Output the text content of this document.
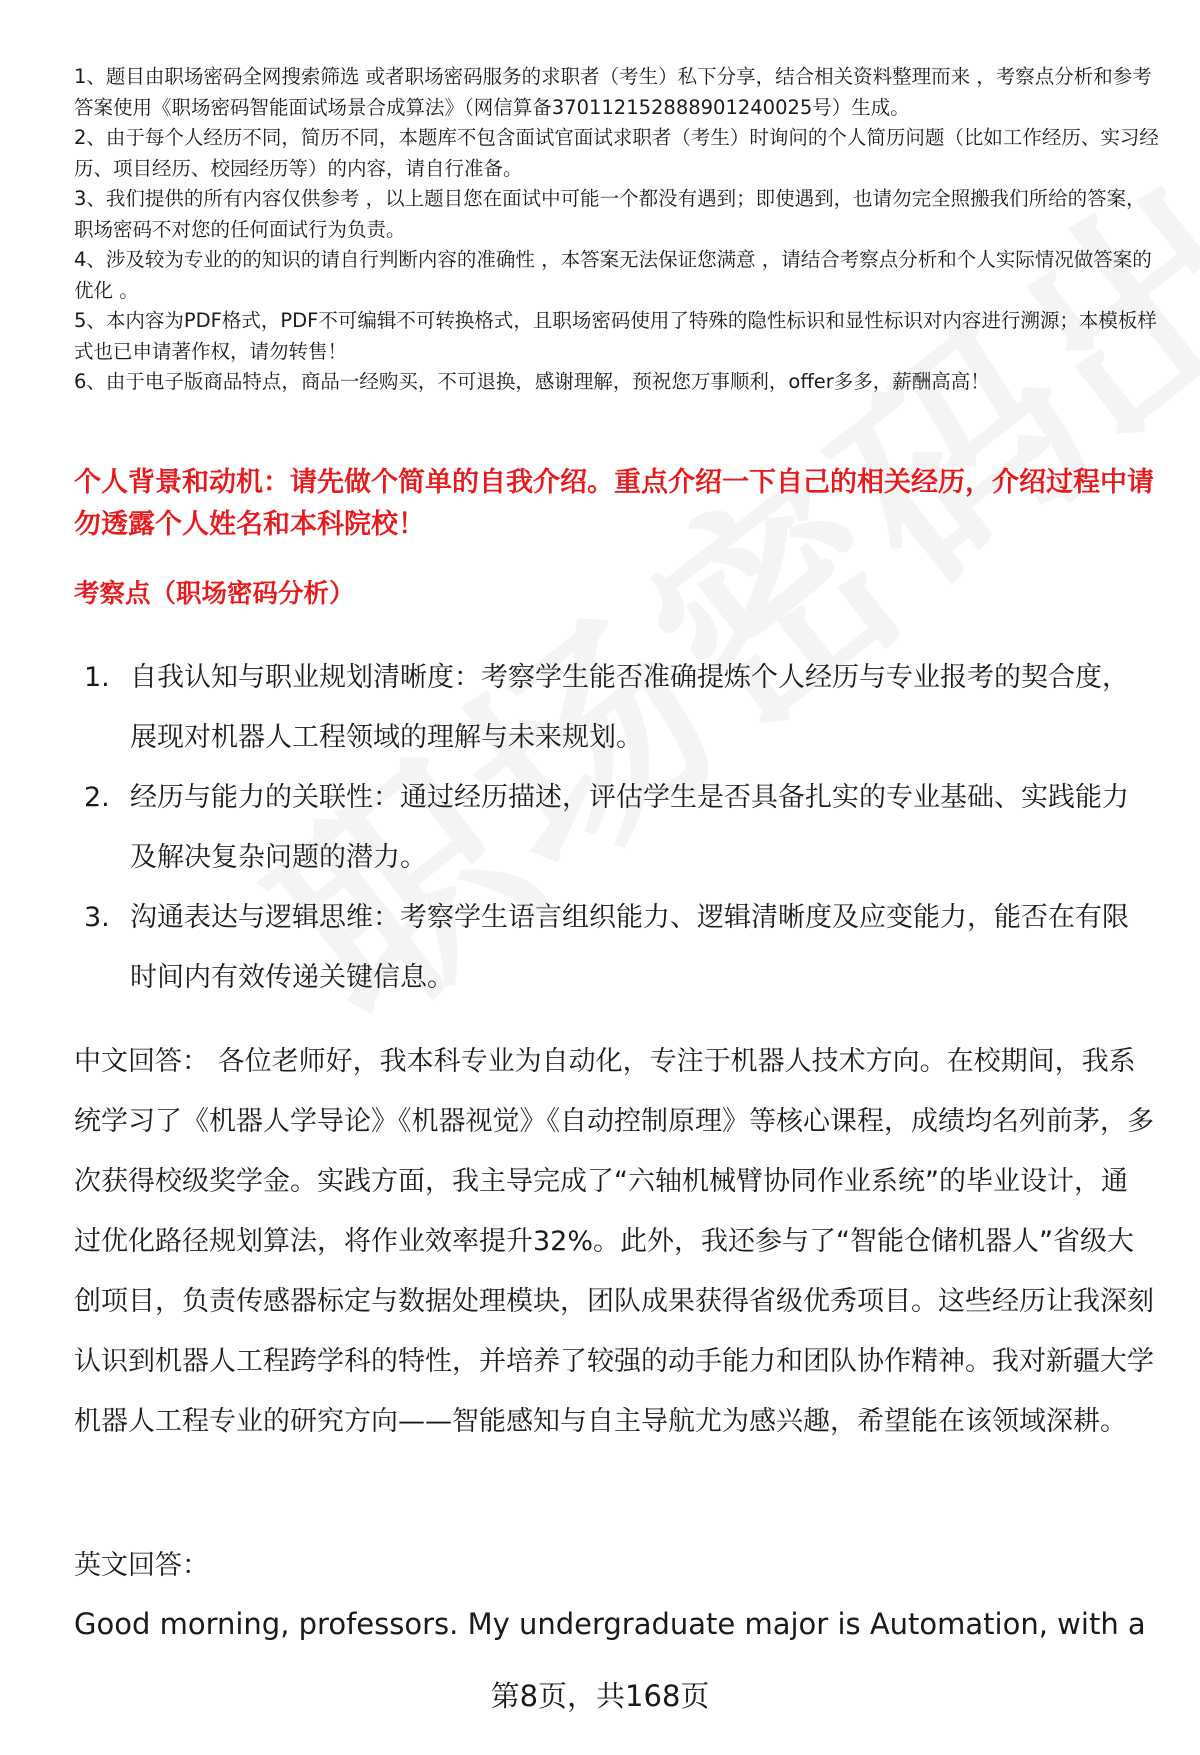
1、题目由职场密码全网搜索筛选 或者职场密码服务的求职者（考生）私下分享，结合相关资料整理而来 ，考察点分析和参考答案使用《职场密码智能面试场景合成算法》（网信算备370112152888901240025号）生成。

2、由于每个人经历不同，简历不同，本题库不包含面试官面试求职者（考生）时询问的个人简历问题（比如工作经历、实习经历、项目经历、校园经历等）的内容，请自行准备。

3、我们提供的所有内容仅供参考 ，以上题目您在面试中可能一个都没有遇到；即使遇到，也请勿完全照搬我们所给的答案，职场密码不对您的任何面试行为负责。

4、涉及较为专业的的知识的请自行判断内容的准确性 ，本答案无法保证您满意 ，请结合考察点分析和个人实际情况做答案的优化 。

5、本内容为PDF格式，PDF不可编辑不可转换格式，且职场密码使用了特殊的隐性标识和显性标识对内容进行溯源；本模板样式也已申请著作权，请勿转售！

6、由于电子版商品特点，商品一经购买，不可退换，感谢理解，预祝您万事顺利，offer多多，薪酬高高！

个人背景和动机：请先做个简单的自我介绍。重点介绍一下自己的相关经历，介绍过程中请勿透露个人姓名和本科院校！
考察点（职场密码分析）
1. 自我认知与职业规划清晰度：考察学生能否准确提炼个人经历与专业报考的契合度，展现对机器人工程领域的理解与未来规划。
2. 经历与能力的关联性：通过经历描述，评估学生是否具备扎实的专业基础、实践能力及解决复杂问题的潜力。
3. 沟通表达与逻辑思维：考察学生语言组织能力、逻辑清晰度及应变能力，能否在有限时间内有效传递关键信息。

中文回答： 各位老师好，我本科专业为自动化，专注于机器人技术方向。在校期间，我系统学习了《机器人学导论》《机器视觉》《自动控制原理》等核心课程，成绩均名列前茅，多次获得校级奖学金。实践方面，我主导完成了“六轴机械臂协同作业系统”的毕业设计，通过优化路径规划算法，将作业效率提升32%。此外，我还参与了“智能仓储机器人”省级大创项目，负责传感器标定与数据处理模块，团队成果获得省级优秀项目。这些经历让我深刻认识到机器人工程跨学科的特性，并培养了较强的动手能力和团队协作精神。我对新疆大学机器人工程专业的研究方向——智能感知与自主导航尤为感兴趣，希望能在该领域深耕。

英文回答：

Good morning, professors. My undergraduate major is Automation, with a

第8页，共168页
